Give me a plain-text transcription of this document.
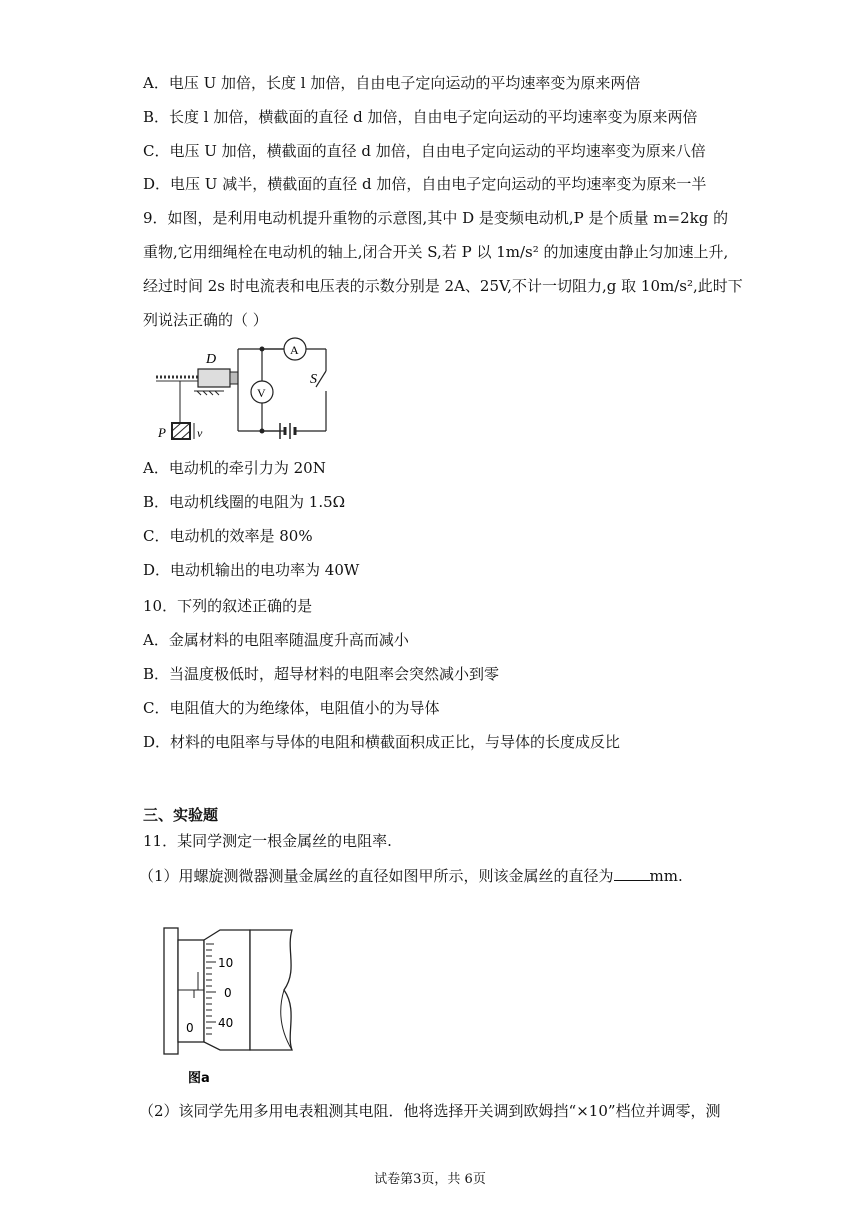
A．电压 U 加倍，长度 l 加倍，自由电子定向运动的平均速率变为原来两倍
B．长度 l 加倍，横截面的直径 d 加倍，自由电子定向运动的平均速率变为原来两倍
C．电压 U 加倍，横截面的直径 d 加倍，自由电子定向运动的平均速率变为原来八倍
D．电压 U 减半，横截面的直径 d 加倍，自由电子定向运动的平均速率变为原来一半
9．如图，是利用电动机提升重物的示意图,其中 D 是变频电动机,P 是个质量 m=2kg 的
重物,它用细绳栓在电动机的轴上,闭合开关 S,若 P 以 1m/s² 的加速度由静止匀加速上升,
经过时间 2s 时电流表和电压表的示数分别是 2A、25V,不计一切阻力,g 取 10m/s²,此时下
列说法正确的（ ）
D
P	v
V
A
S
A．电动机的牵引力为 20N
B．电动机线圈的电阻为 1.5Ω
C．电动机的效率是 80%
D．电动机输出的电功率为 40W
10．下列的叙述正确的是
A．金属材料的电阻率随温度升高而减小
B．当温度极低时，超导材料的电阻率会突然减小到零
C．电阻值大的为绝缘体，电阻值小的为导体
D．材料的电阻率与导体的电阻和横截面积成正比，与导体的长度成反比
三、实验题
11．某同学测定一根金属丝的电阻率.
（1）用螺旋测微器测量金属丝的直径如图甲所示，则该金属丝的直径为 mm.
0
10
0
40
图a
（2）该同学先用多用电表粗测其电阻．他将选择开关调到欧姆挡“×10”档位并调零，测
试卷第3页，共 6页
